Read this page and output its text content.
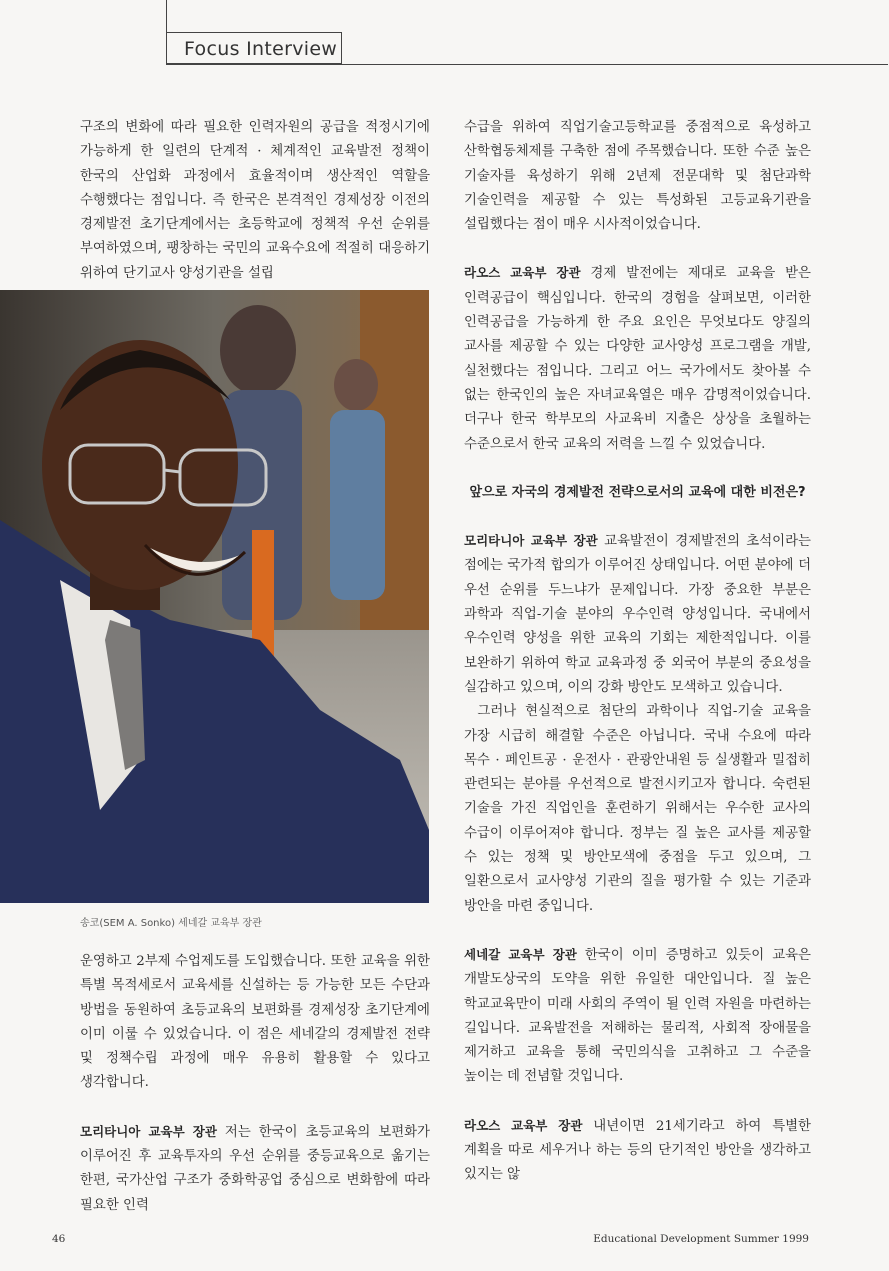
Focus Interview

구조의 변화에 따라 필요한 인력자원의 공급을 적정시기에 가능하게 한 일련의 단계적 · 체계적인 교육발전 정책이 한국의 산업화 과정에서 효율적이며 생산적인 역할을 수행했다는 점입니다. 즉 한국은 본격적인 경제성장 이전의 경제발전 초기단계에서는 초등학교에 정책적 우선 순위를 부여하였으며, 팽창하는 국민의 교육수요에 적절히 대응하기 위하여 단기교사 양성기관을 설립

송코(SEM A. Sonko) 세네갈 교육부 장관

운영하고 2부제 수업제도를 도입했습니다. 또한 교육을 위한 특별 목적세로서 교육세를 신설하는 등 가능한 모든 수단과 방법을 동원하여 초등교육의 보편화를 경제성장 초기단계에 이미 이룰 수 있었습니다. 이 점은 세네갈의 경제발전 전략 및 정책수립 과정에 매우 유용히 활용할 수 있다고 생각합니다.

모리타니아 교육부 장관 저는 한국이 초등교육의 보편화가 이루어진 후 교육투자의 우선 순위를 중등교육으로 옮기는 한편, 국가산업 구조가 중화학공업 중심으로 변화함에 따라 필요한 인력

수급을 위하여 직업기술고등학교를 중점적으로 육성하고 산학협동체제를 구축한 점에 주목했습니다. 또한 수준 높은 기술자를 육성하기 위해 2년제 전문대학 및 첨단과학 기술인력을 제공할 수 있는 특성화된 고등교육기관을 설립했다는 점이 매우 시사적이었습니다.

라오스 교육부 장관 경제 발전에는 제대로 교육을 받은 인력공급이 핵심입니다. 한국의 경험을 살펴보면, 이러한 인력공급을 가능하게 한 주요 요인은 무엇보다도 양질의 교사를 제공할 수 있는 다양한 교사양성 프로그램을 개발, 실천했다는 점입니다. 그리고 어느 국가에서도 찾아볼 수 없는 한국인의 높은 자녀교육열은 매우 감명적이었습니다. 더구나 한국 학부모의 사교육비 지출은 상상을 초월하는 수준으로서 한국 교육의 저력을 느낄 수 있었습니다.

앞으로 자국의 경제발전 전략으로서의 교육에 대한 비전은?

모리타니아 교육부 장관 교육발전이 경제발전의 초석이라는 점에는 국가적 합의가 이루어진 상태입니다. 어떤 분야에 더 우선 순위를 두느냐가 문제입니다. 가장 중요한 부분은 과학과 직업-기술 분야의 우수인력 양성입니다. 국내에서 우수인력 양성을 위한 교육의 기회는 제한적입니다. 이를 보완하기 위하여 학교 교육과정 중 외국어 부분의 중요성을 실감하고 있으며, 이의 강화 방안도 모색하고 있습니다.

그러나 현실적으로 첨단의 과학이나 직업-기술 교육을 가장 시급히 해결할 수준은 아닙니다. 국내 수요에 따라 목수 · 페인트공 · 운전사 · 관광안내원 등 실생활과 밀접히 관련되는 분야를 우선적으로 발전시키고자 합니다. 숙련된 기술을 가진 직업인을 훈련하기 위해서는 우수한 교사의 수급이 이루어져야 합니다. 정부는 질 높은 교사를 제공할 수 있는 정책 및 방안모색에 중점을 두고 있으며, 그 일환으로서 교사양성 기관의 질을 평가할 수 있는 기준과 방안을 마련 중입니다.

세네갈 교육부 장관 한국이 이미 증명하고 있듯이 교육은 개발도상국의 도약을 위한 유일한 대안입니다. 질 높은 학교교육만이 미래 사회의 주역이 될 인력 자원을 마련하는 길입니다. 교육발전을 저해하는 물리적, 사회적 장애물을 제거하고 교육을 통해 국민의식을 고취하고 그 수준을 높이는 데 전념할 것입니다.

라오스 교육부 장관 내년이면 21세기라고 하여 특별한 계획을 따로 세우거나 하는 등의 단기적인 방안을 생각하고 있지는 않

46	Educational Development Summer 1999
